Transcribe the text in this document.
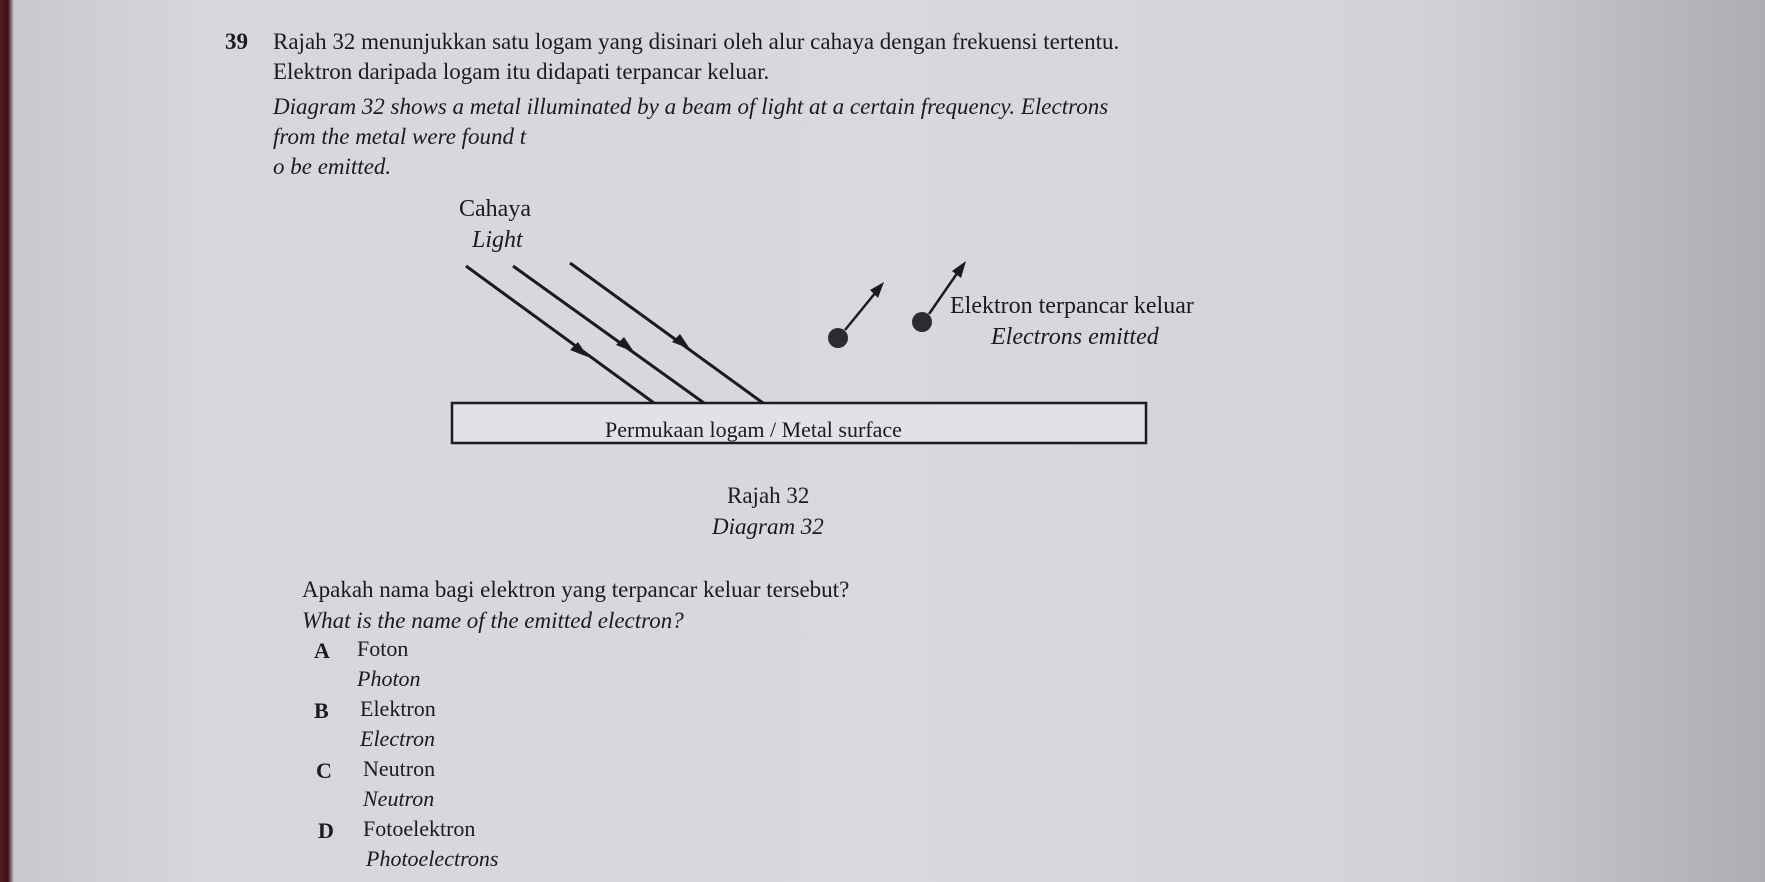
39 Rajah 32 menunjukkan satu logam yang disinari oleh alur cahaya dengan frekuensi tertentu.
Elektron daripada logam itu didapati terpancar keluar.
Diagram 32 shows a metal illuminated by a beam of light at a certain frequency. Electrons
from the metal were found t
o be emitted.
Cahaya
Light
Elektron terpancar keluar
Electrons emitted
Permukaan logam / Metal surface
Rajah 32
Diagram 32
Apakah nama bagi elektron yang terpancar keluar tersebut?
What is the name of the emitted electron?
A Foton
Photon
B Elektron
Electron
C Neutron
Neutron
D Fotoelektron
Photoelectrons
